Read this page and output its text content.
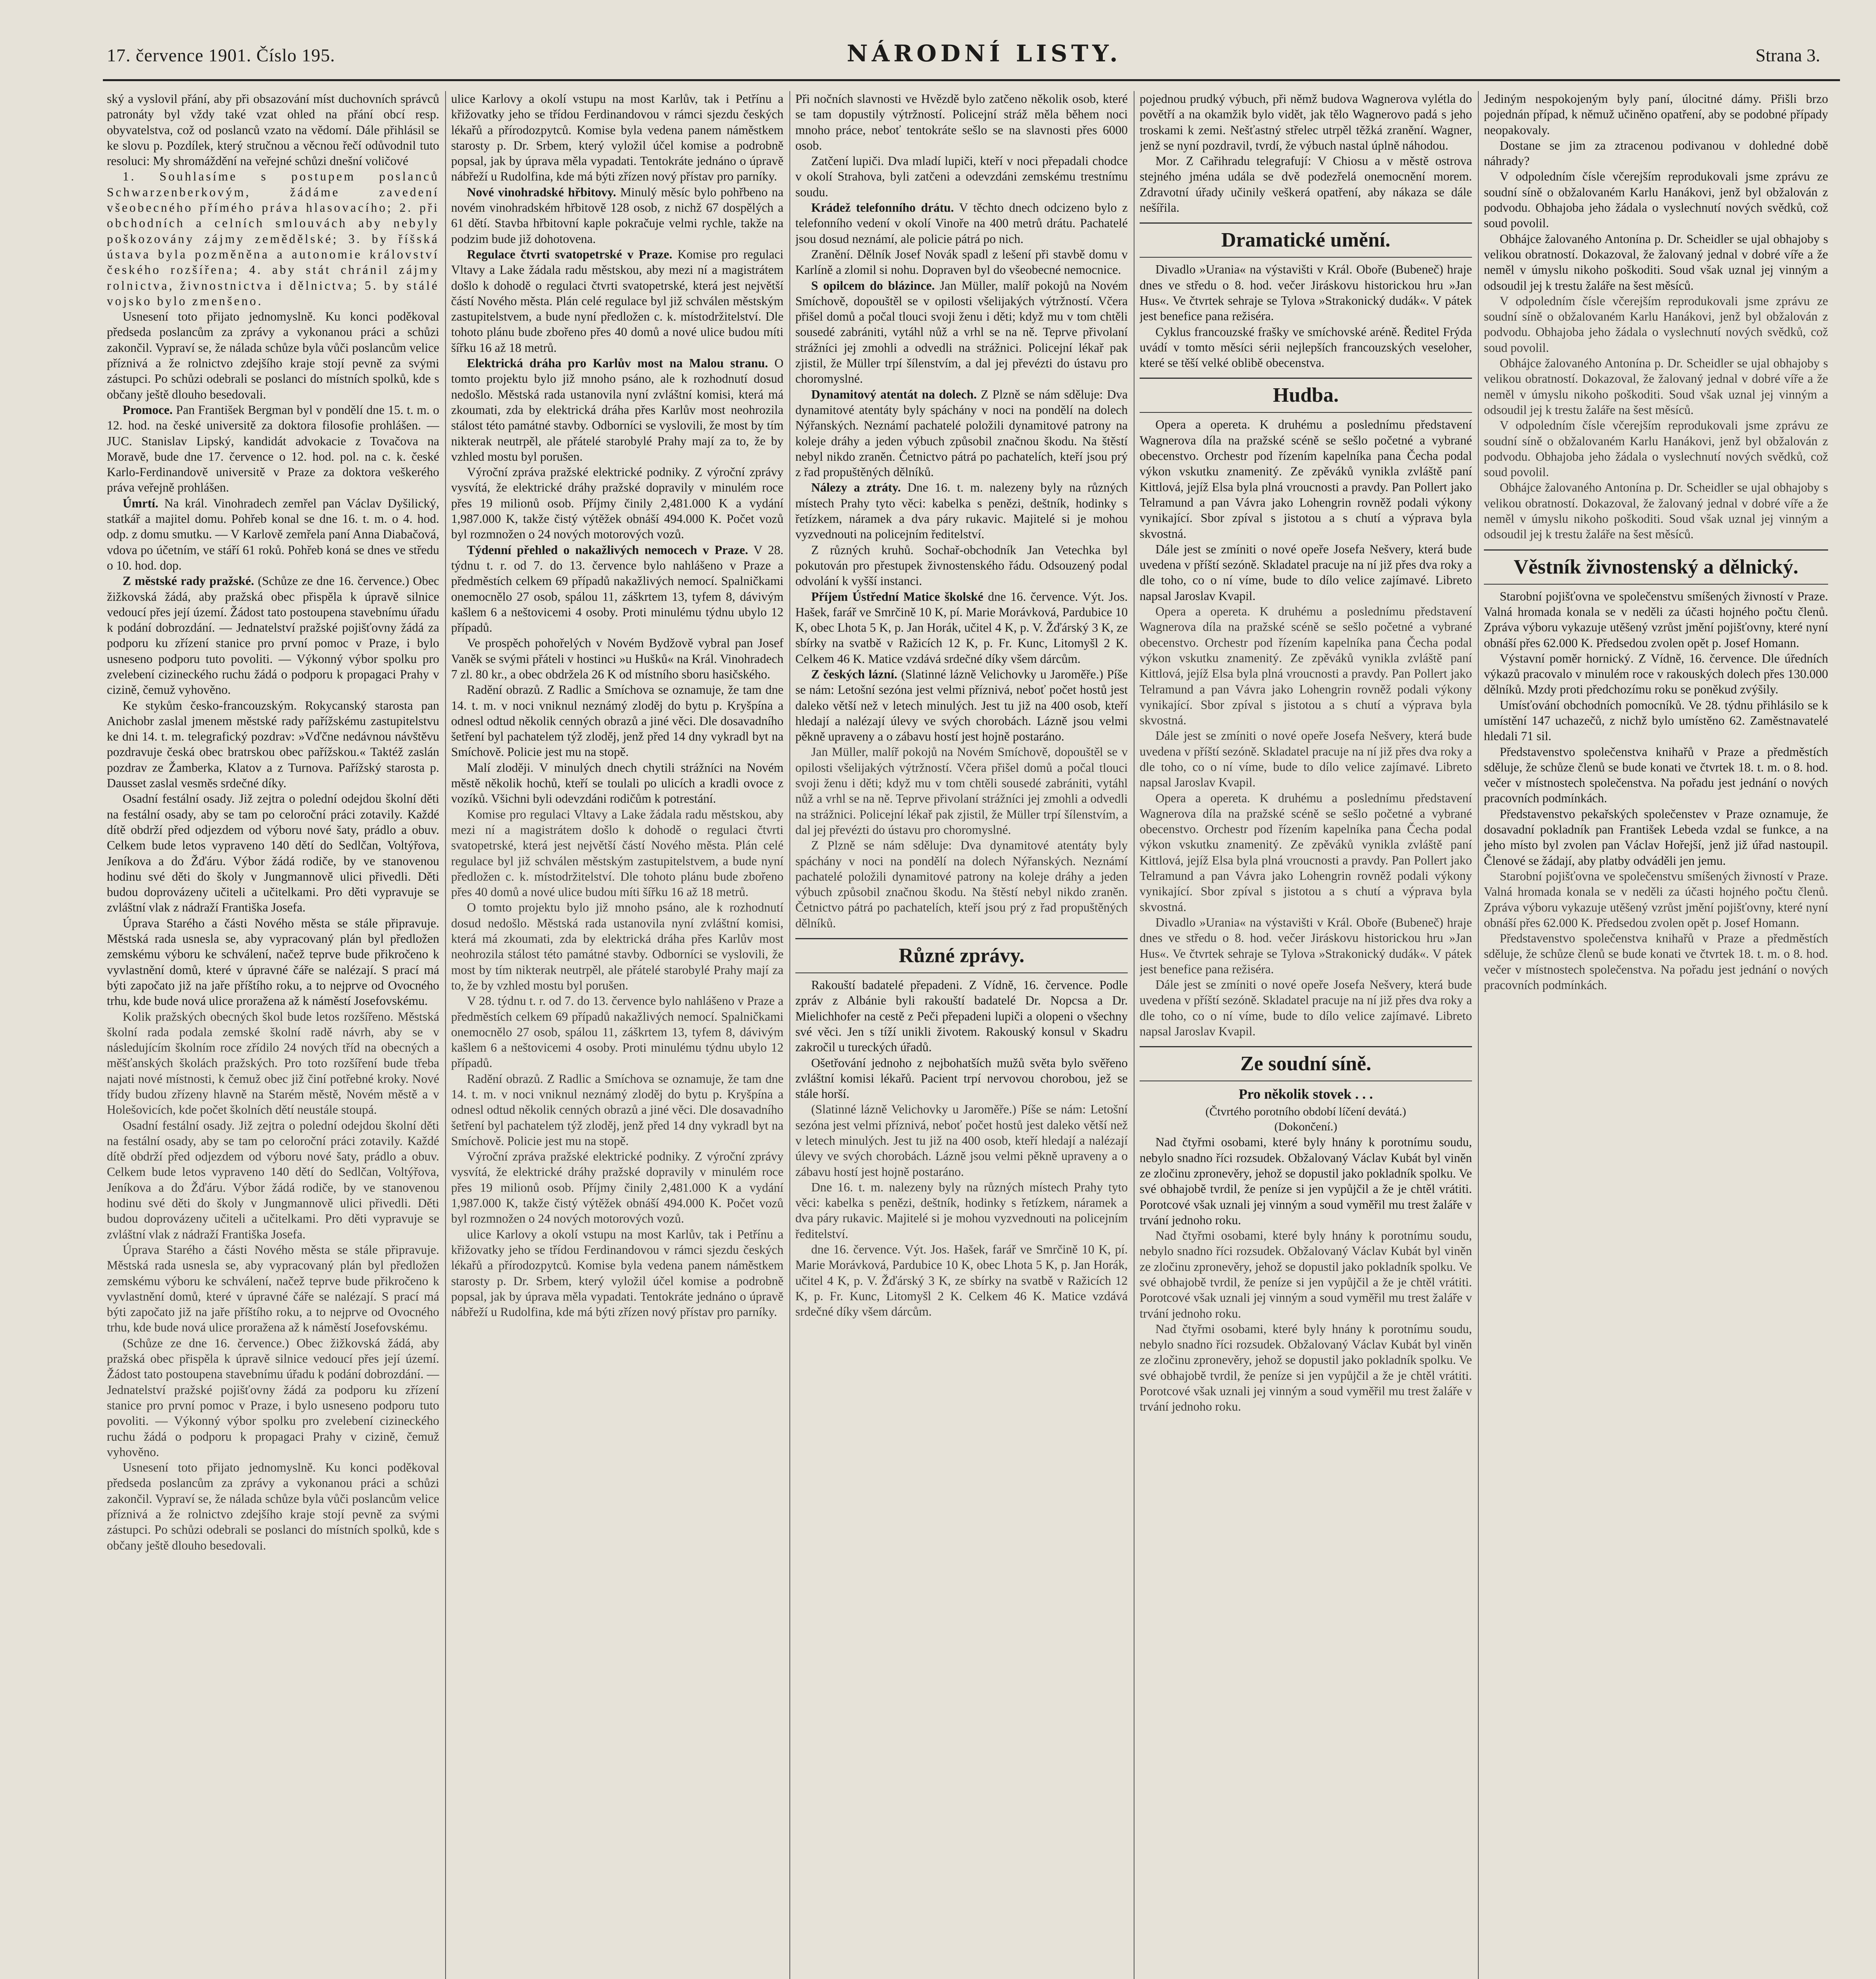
17. července 1901. Číslo 195.	NÁRODNÍ LISTY.	Strana 3.

ský a vyslovil přání, aby při obsazování míst duchovních správců patronáty byl vždy také vzat ohled na přání obcí resp. obyvatelstva, což od poslanců vzato na vědomí. Dále přihlásil se ke slovu p. Pozdílek, který stručnou a věcnou řečí odůvodnil tuto resoluci: My shromáždění na veřejné schůzi dnešní voličové

1. Souhlasíme s postupem poslanců Schwarzenberkovým, žádáme zavedení všeobecného přímého práva hlasovacího; 2. při obchodních a celních smlouvách aby nebyly poškozovány zájmy zemědělské; 3. by říšská ústava byla pozměněna a autonomie království českého rozšířena; 4. aby stát chránil zájmy rolnictva, živnostnictva i dělnictva; 5. by stálé vojsko bylo zmenšeno.

Usnesení toto přijato jednomyslně. Ku konci poděkoval předseda poslancům za zprávy a vykonanou práci a schůzi zakončil. Vypraví se, že nálada schůze byla vůči poslancům velice příznivá a že rolnictvo zdejšího kraje stojí pevně za svými zástupci. Po schůzi odebrali se poslanci do místních spolků, kde s občany ještě dlouho besedovali.

Promoce. Pan František Bergman byl v pondělí dne 15. t. m. o 12. hod. na české universitě za doktora filosofie prohlášen. — JUC. Stanislav Lipský, kandidát advokacie z Tovačova na Moravě, bude dne 17. července o 12. hod. pol. na c. k. české Karlo-Ferdinandově universitě v Praze za doktora veškerého práva veřejně prohlášen.

Úmrtí. Na král. Vinohradech zemřel pan Václav Dyšilický, statkář a majitel domu. Pohřeb konal se dne 16. t. m. o 4. hod. odp. z domu smutku. — V Karlově zemřela paní Anna Diabačová, vdova po účetním, ve stáří 61 roků. Pohřeb koná se dnes ve středu o 10. hod. dop.

Z městské rady pražské. (Schůze ze dne 16. července.) Obec žižkovská žádá, aby pražská obec přispěla k úpravě silnice vedoucí přes její území. Žádost tato postoupena stavebnímu úřadu k podání dobrozdání. — Jednatelství pražské pojišťovny žádá za podporu ku zřízení stanice pro první pomoc v Praze, i bylo usneseno podporu tuto povoliti. — Výkonný výbor spolku pro zvelebení cizineckého ruchu žádá o podporu k propagaci Prahy v cizině, čemuž vyhověno.

Ke stykům česko-francouzským. Rokycanský starosta pan Anichobr zaslal jmenem městské rady pařížskému zastupitelstvu ke dni 14. t. m. telegrafický pozdrav: »Vďčne nedávnou návštěvu pozdravuje česká obec bratrskou obec pařížskou.« Taktéž zaslán pozdrav ze Žamberka, Klatov a z Turnova. Pařížský starosta p. Dausset zaslal vesměs srdečné díky.

Osadní festální osady. Již zejtra o polední odejdou školní děti na festální osady, aby se tam po celoroční práci zotavily. Každé dítě obdrží před odjezdem od výboru nové šaty, prádlo a obuv. Celkem bude letos vypraveno 140 dětí do Sedlčan, Voltýřova, Jeníkova a do Žďáru. Výbor žádá rodiče, by ve stanovenou hodinu své děti do školy v Jungmannově ulici přivedli. Děti budou doprovázeny učiteli a učitelkami. Pro děti vypravuje se zvláštní vlak z nádraží Františka Josefa.

Úprava Starého a části Nového města se stále připravuje. Městská rada usnesla se, aby vypracovaný plán byl předložen zemskému výboru ke schválení, načež teprve bude přikročeno k vyvlastnění domů, které v úpravné čáře se nalézají. S prací má býti započato již na jaře příštího roku, a to nejprve od Ovocného trhu, kde bude nová ulice proražena až k náměstí Josefovskému.

Kolik pražských obecných škol bude letos rozšířeno. Městská školní rada podala zemské školní radě návrh, aby se v následujícím školním roce zřídilo 24 nových tříd na obecných a měšťanských školách pražských. Pro toto rozšíření bude třeba najati nové místnosti, k čemuž obec již činí potřebné kroky. Nové třídy budou zřízeny hlavně na Starém městě, Novém městě a v Holešovicích, kde počet školních dětí neustále stoupá.

Osadní festální osady. Již zejtra o polední odejdou školní děti na festální osady, aby se tam po celoroční práci zotavily. Každé dítě obdrží před odjezdem od výboru nové šaty, prádlo a obuv. Celkem bude letos vypraveno 140 dětí do Sedlčan, Voltýřova, Jeníkova a do Žďáru. Výbor žádá rodiče, by ve stanovenou hodinu své děti do školy v Jungmannově ulici přivedli. Děti budou doprovázeny učiteli a učitelkami. Pro děti vypravuje se zvláštní vlak z nádraží Františka Josefa.

Úprava Starého a části Nového města se stále připravuje. Městská rada usnesla se, aby vypracovaný plán byl předložen zemskému výboru ke schválení, načež teprve bude přikročeno k vyvlastnění domů, které v úpravné čáře se nalézají. S prací má býti započato již na jaře příštího roku, a to nejprve od Ovocného trhu, kde bude nová ulice proražena až k náměstí Josefovskému.

(Schůze ze dne 16. července.) Obec žižkovská žádá, aby pražská obec přispěla k úpravě silnice vedoucí přes její území. Žádost tato postoupena stavebnímu úřadu k podání dobrozdání. — Jednatelství pražské pojišťovny žádá za podporu ku zřízení stanice pro první pomoc v Praze, i bylo usneseno podporu tuto povoliti. — Výkonný výbor spolku pro zvelebení cizineckého ruchu žádá o podporu k propagaci Prahy v cizině, čemuž vyhověno.

Usnesení toto přijato jednomyslně. Ku konci poděkoval předseda poslancům za zprávy a vykonanou práci a schůzi zakončil. Vypraví se, že nálada schůze byla vůči poslancům velice příznivá a že rolnictvo zdejšího kraje stojí pevně za svými zástupci. Po schůzi odebrali se poslanci do místních spolků, kde s občany ještě dlouho besedovali.

ulice Karlovy a okolí vstupu na most Karlův, tak i Petřínu a křižovatky jeho se třídou Ferdinandovou v rámci sjezdu českých lékařů a přírodozpytců. Komise byla vedena panem náměstkem starosty p. Dr. Srbem, který vyložil účel komise a podrobně popsal, jak by úprava měla vypadati. Tentokráte jednáno o úpravě nábřeží u Rudolfina, kde má býti zřízen nový přístav pro parníky.

Nové vinohradské hřbitovy. Minulý měsíc bylo pohřbeno na novém vinohradském hřbitově 128 osob, z nichž 67 dospělých a 61 dětí. Stavba hřbitovní kaple pokračuje velmi rychle, takže na podzim bude již dohotovena.

Regulace čtvrti svatopetrské v Praze. Komise pro regulaci Vltavy a Lake žádala radu městskou, aby mezi ní a magistrátem došlo k dohodě o regulaci čtvrti svatopetrské, která jest největší částí Nového města. Plán celé regulace byl již schválen městským zastupitelstvem, a bude nyní předložen c. k. místodržitelství. Dle tohoto plánu bude zbořeno přes 40 domů a nové ulice budou míti šířku 16 až 18 metrů.

Elektrická dráha pro Karlův most na Malou stranu. O tomto projektu bylo již mnoho psáno, ale k rozhodnutí dosud nedošlo. Městská rada ustanovila nyní zvláštní komisi, která má zkoumati, zda by elektrická dráha přes Karlův most neohrozila stálost této památné stavby. Odborníci se vyslovili, že most by tím nikterak neutrpěl, ale přátelé starobylé Prahy mají za to, že by vzhled mostu byl porušen.

Výroční zpráva pražské elektrické podniky. Z výroční zprávy vysvítá, že elektrické dráhy pražské dopravily v minulém roce přes 19 milionů osob. Příjmy činily 2,481.000 K a vydání 1,987.000 K, takže čistý výtěžek obnáší 494.000 K. Počet vozů byl rozmnožen o 24 nových motorových vozů.

Týdenní přehled o nakažlivých nemocech v Praze. V 28. týdnu t. r. od 7. do 13. července bylo nahlášeno v Praze a předměstích celkem 69 případů nakažlivých nemocí. Spalničkami onemocnělo 27 osob, spálou 11, záškrtem 13, tyfem 8, dávivým kašlem 6 a neštovicemi 4 osoby. Proti minulému týdnu ubylo 12 případů.

Ve prospěch pohořelých v Novém Bydžově vybral pan Josef Vaněk se svými přáteli v hostinci »u Hušků« na Král. Vinohradech 7 zl. 80 kr., a obec obdržela 26 K od místního sboru hasičského.

Radění obrazů. Z Radlic a Smíchova se oznamuje, že tam dne 14. t. m. v noci vniknul neznámý zloděj do bytu p. Kryšpína a odnesl odtud několik cenných obrazů a jiné věci. Dle dosavadního šetření byl pachatelem týž zloděj, jenž před 14 dny vykradl byt na Smíchově. Policie jest mu na stopě.

Malí zloději. V minulých dnech chytili strážníci na Novém městě několik hochů, kteří se toulali po ulicích a kradli ovoce z vozíků. Všichni byli odevzdáni rodičům k potrestání.

Komise pro regulaci Vltavy a Lake žádala radu městskou, aby mezi ní a magistrátem došlo k dohodě o regulaci čtvrti svatopetrské, která jest největší částí Nového města. Plán celé regulace byl již schválen městským zastupitelstvem, a bude nyní předložen c. k. místodržitelství. Dle tohoto plánu bude zbořeno přes 40 domů a nové ulice budou míti šířku 16 až 18 metrů.

O tomto projektu bylo již mnoho psáno, ale k rozhodnutí dosud nedošlo. Městská rada ustanovila nyní zvláštní komisi, která má zkoumati, zda by elektrická dráha přes Karlův most neohrozila stálost této památné stavby. Odborníci se vyslovili, že most by tím nikterak neutrpěl, ale přátelé starobylé Prahy mají za to, že by vzhled mostu byl porušen.

V 28. týdnu t. r. od 7. do 13. července bylo nahlášeno v Praze a předměstích celkem 69 případů nakažlivých nemocí. Spalničkami onemocnělo 27 osob, spálou 11, záškrtem 13, tyfem 8, dávivým kašlem 6 a neštovicemi 4 osoby. Proti minulému týdnu ubylo 12 případů.

Radění obrazů. Z Radlic a Smíchova se oznamuje, že tam dne 14. t. m. v noci vniknul neznámý zloděj do bytu p. Kryšpína a odnesl odtud několik cenných obrazů a jiné věci. Dle dosavadního šetření byl pachatelem týž zloděj, jenž před 14 dny vykradl byt na Smíchově. Policie jest mu na stopě.

Výroční zpráva pražské elektrické podniky. Z výroční zprávy vysvítá, že elektrické dráhy pražské dopravily v minulém roce přes 19 milionů osob. Příjmy činily 2,481.000 K a vydání 1,987.000 K, takže čistý výtěžek obnáší 494.000 K. Počet vozů byl rozmnožen o 24 nových motorových vozů.

ulice Karlovy a okolí vstupu na most Karlův, tak i Petřínu a křižovatky jeho se třídou Ferdinandovou v rámci sjezdu českých lékařů a přírodozpytců. Komise byla vedena panem náměstkem starosty p. Dr. Srbem, který vyložil účel komise a podrobně popsal, jak by úprava měla vypadati. Tentokráte jednáno o úpravě nábřeží u Rudolfina, kde má býti zřízen nový přístav pro parníky.

Při nočních slavnosti ve Hvězdě bylo zatčeno několik osob, které se tam dopustily výtržností. Policejní stráž měla během noci mnoho práce, neboť tentokráte sešlo se na slavnosti přes 6000 osob.

Zatčení lupiči. Dva mladí lupiči, kteří v noci přepadali chodce v okolí Strahova, byli zatčeni a odevzdáni zemskému trestnímu soudu.

Krádež telefonního drátu. V těchto dnech odcizeno bylo z telefonního vedení v okolí Vinoře na 400 metrů drátu. Pachatelé jsou dosud neznámí, ale policie pátrá po nich.

Zranění. Dělník Josef Novák spadl z lešení při stavbě domu v Karlíně a zlomil si nohu. Dopraven byl do všeobecné nemocnice.

S opilcem do blázince. Jan Müller, malíř pokojů na Novém Smíchově, dopouštěl se v opilosti všelijakých výtržností. Včera přišel domů a počal tlouci svoji ženu i děti; když mu v tom chtěli sousedé zabrániti, vytáhl nůž a vrhl se na ně. Teprve přivolaní strážníci jej zmohli a odvedli na strážnici. Policejní lékař pak zjistil, že Müller trpí šílenstvím, a dal jej převézti do ústavu pro choromyslné.

Dynamitový atentát na dolech. Z Plzně se nám sděluje: Dva dynamitové atentáty byly spáchány v noci na pondělí na dolech Nýřanských. Neznámí pachatelé položili dynamitové patrony na koleje dráhy a jeden výbuch způsobil značnou škodu. Na štěstí nebyl nikdo zraněn. Četnictvo pátrá po pachatelích, kteří jsou prý z řad propuštěných dělníků.

Nálezy a ztráty. Dne 16. t. m. nalezeny byly na různých místech Prahy tyto věci: kabelka s penězi, deštník, hodinky s řetízkem, náramek a dva páry rukavic. Majitelé si je mohou vyzvednouti na policejním ředitelství.

Z různých kruhů. Sochař-obchodník Jan Vetechka byl pokutován pro přestupek živnostenského řádu. Odsouzený podal odvolání k vyšší instanci.

Příjem Ústřední Matice školské dne 16. července. Výt. Jos. Hašek, farář ve Smrčině 10 K, pí. Marie Morávková, Pardubice 10 K, obec Lhota 5 K, p. Jan Horák, učitel 4 K, p. V. Žďárský 3 K, ze sbírky na svatbě v Ražicích 12 K, p. Fr. Kunc, Litomyšl 2 K. Celkem 46 K. Matice vzdává srdečné díky všem dárcům.

Z českých lázní. (Slatinné lázně Velichovky u Jaroměře.) Píše se nám: Letošní sezóna jest velmi příznivá, neboť počet hostů jest daleko větší než v letech minulých. Jest tu již na 400 osob, kteří hledají a nalézají úlevy ve svých chorobách. Lázně jsou velmi pěkně upraveny a o zábavu hostí jest hojně postaráno.

Jan Müller, malíř pokojů na Novém Smíchově, dopouštěl se v opilosti všelijakých výtržností. Včera přišel domů a počal tlouci svoji ženu i děti; když mu v tom chtěli sousedé zabrániti, vytáhl nůž a vrhl se na ně. Teprve přivolaní strážníci jej zmohli a odvedli na strážnici. Policejní lékař pak zjistil, že Müller trpí šílenstvím, a dal jej převézti do ústavu pro choromyslné.

Z Plzně se nám sděluje: Dva dynamitové atentáty byly spáchány v noci na pondělí na dolech Nýřanských. Neznámí pachatelé položili dynamitové patrony na koleje dráhy a jeden výbuch způsobil značnou škodu. Na štěstí nebyl nikdo zraněn. Četnictvo pátrá po pachatelích, kteří jsou prý z řad propuštěných dělníků.

Různé zprávy.

Rakouští badatelé přepadeni. Z Vídně, 16. července. Podle zpráv z Albánie byli rakouští badatelé Dr. Nopcsa a Dr. Mielichhofer na cestě z Peči přepadeni lupiči a olopeni o všechny své věci. Jen s tíží unikli životem. Rakouský konsul v Skadru zakročil u tureckých úřadů.

Ošetřování jednoho z nejbohatších mužů světa bylo svěřeno zvláštní komisi lékařů. Pacient trpí nervovou chorobou, jež se stále horší.

(Slatinné lázně Velichovky u Jaroměře.) Píše se nám: Letošní sezóna jest velmi příznivá, neboť počet hostů jest daleko větší než v letech minulých. Jest tu již na 400 osob, kteří hledají a nalézají úlevy ve svých chorobách. Lázně jsou velmi pěkně upraveny a o zábavu hostí jest hojně postaráno.

Dne 16. t. m. nalezeny byly na různých místech Prahy tyto věci: kabelka s penězi, deštník, hodinky s řetízkem, náramek a dva páry rukavic. Majitelé si je mohou vyzvednouti na policejním ředitelství.

dne 16. července. Výt. Jos. Hašek, farář ve Smrčině 10 K, pí. Marie Morávková, Pardubice 10 K, obec Lhota 5 K, p. Jan Horák, učitel 4 K, p. V. Žďárský 3 K, ze sbírky na svatbě v Ražicích 12 K, p. Fr. Kunc, Litomyšl 2 K. Celkem 46 K. Matice vzdává srdečné díky všem dárcům.

pojednou prudký výbuch, při němž budova Wagnerova vylétla do povětří a na okamžik bylo vidět, jak tělo Wagnerovo padá s jeho troskami k zemi. Nešťastný střelec utrpěl těžká zranění. Wagner, jenž se nyní pozdravil, tvrdí, že výbuch nastal úplně náhodou.

Mor. Z Cařihradu telegrafují: V Chiosu a v městě ostrova stejného jména udála se dvě podezřelá onemocnění morem. Zdravotní úřady učinily veškerá opatření, aby nákaza se dále nešířila.

Dramatické umění.

Divadlo »Urania« na výstavišti v Král. Oboře (Bubeneč) hraje dnes ve středu o 8. hod. večer Jiráskovu historickou hru »Jan Hus«. Ve čtvrtek sehraje se Tylova »Strakonický dudák«. V pátek jest benefice pana režiséra.

Cyklus francouzské frašky ve smíchovské aréně. Ředitel Frýda uvádí v tomto měsíci sérii nejlepších francouzských veseloher, které se těší velké oblibě obecenstva.

Hudba.

Opera a opereta. K druhému a poslednímu představení Wagnerova díla na pražské scéně se sešlo početné a vybrané obecenstvo. Orchestr pod řízením kapelníka pana Čecha podal výkon vskutku znamenitý. Ze zpěváků vynikla zvláště paní Kittlová, jejíž Elsa byla plná vroucnosti a pravdy. Pan Pollert jako Telramund a pan Vávra jako Lohengrin rovněž podali výkony vynikající. Sbor zpíval s jistotou a s chutí a výprava byla skvostná.

Dále jest se zmíniti o nové opeře Josefa Nešvery, která bude uvedena v příští sezóně. Skladatel pracuje na ní již přes dva roky a dle toho, co o ní víme, bude to dílo velice zajímavé. Libreto napsal Jaroslav Kvapil.

Opera a opereta. K druhému a poslednímu představení Wagnerova díla na pražské scéně se sešlo početné a vybrané obecenstvo. Orchestr pod řízením kapelníka pana Čecha podal výkon vskutku znamenitý. Ze zpěváků vynikla zvláště paní Kittlová, jejíž Elsa byla plná vroucnosti a pravdy. Pan Pollert jako Telramund a pan Vávra jako Lohengrin rovněž podali výkony vynikající. Sbor zpíval s jistotou a s chutí a výprava byla skvostná.

Dále jest se zmíniti o nové opeře Josefa Nešvery, která bude uvedena v příští sezóně. Skladatel pracuje na ní již přes dva roky a dle toho, co o ní víme, bude to dílo velice zajímavé. Libreto napsal Jaroslav Kvapil.

Opera a opereta. K druhému a poslednímu představení Wagnerova díla na pražské scéně se sešlo početné a vybrané obecenstvo. Orchestr pod řízením kapelníka pana Čecha podal výkon vskutku znamenitý. Ze zpěváků vynikla zvláště paní Kittlová, jejíž Elsa byla plná vroucnosti a pravdy. Pan Pollert jako Telramund a pan Vávra jako Lohengrin rovněž podali výkony vynikající. Sbor zpíval s jistotou a s chutí a výprava byla skvostná.

Divadlo »Urania« na výstavišti v Král. Oboře (Bubeneč) hraje dnes ve středu o 8. hod. večer Jiráskovu historickou hru »Jan Hus«. Ve čtvrtek sehraje se Tylova »Strakonický dudák«. V pátek jest benefice pana režiséra.

Dále jest se zmíniti o nové opeře Josefa Nešvery, která bude uvedena v příští sezóně. Skladatel pracuje na ní již přes dva roky a dle toho, co o ní víme, bude to dílo velice zajímavé. Libreto napsal Jaroslav Kvapil.

Ze soudní síně.
Pro několik stovek . . .
(Čtvrtého porotního období líčení devátá.)
(Dokončení.)

Nad čtyřmi osobami, které byly hnány k porotnímu soudu, nebylo snadno říci rozsudek. Obžalovaný Václav Kubát byl viněn ze zločinu zpronevěry, jehož se dopustil jako pokladník spolku. Ve své obhajobě tvrdil, že peníze si jen vypůjčil a že je chtěl vrátiti. Porotcové však uznali jej vinným a soud vyměřil mu trest žaláře v trvání jednoho roku.

Nad čtyřmi osobami, které byly hnány k porotnímu soudu, nebylo snadno říci rozsudek. Obžalovaný Václav Kubát byl viněn ze zločinu zpronevěry, jehož se dopustil jako pokladník spolku. Ve své obhajobě tvrdil, že peníze si jen vypůjčil a že je chtěl vrátiti. Porotcové však uznali jej vinným a soud vyměřil mu trest žaláře v trvání jednoho roku.

Nad čtyřmi osobami, které byly hnány k porotnímu soudu, nebylo snadno říci rozsudek. Obžalovaný Václav Kubát byl viněn ze zločinu zpronevěry, jehož se dopustil jako pokladník spolku. Ve své obhajobě tvrdil, že peníze si jen vypůjčil a že je chtěl vrátiti. Porotcové však uznali jej vinným a soud vyměřil mu trest žaláře v trvání jednoho roku.

Jediným nespokojeným byly paní, úlocitné dámy. Přišli brzo pojednán případ, k němuž učiněno opatření, aby se podobné případy neopakovaly.

Dostane se jim za ztracenou podivanou v dohledné době náhrady?

V odpoledním čísle včerejším reprodukovali jsme zprávu ze soudní síně o obžalovaném Karlu Hanákovi, jenž byl obžalován z podvodu. Obhajoba jeho žádala o vyslechnutí nových svědků, což soud povolil.

Obhájce žalovaného Antonína p. Dr. Scheidler se ujal obhajoby s velikou obratností. Dokazoval, že žalovaný jednal v dobré víře a že neměl v úmyslu nikoho poškoditi. Soud však uznal jej vinným a odsoudil jej k trestu žaláře na šest měsíců.

V odpoledním čísle včerejším reprodukovali jsme zprávu ze soudní síně o obžalovaném Karlu Hanákovi, jenž byl obžalován z podvodu. Obhajoba jeho žádala o vyslechnutí nových svědků, což soud povolil.

Obhájce žalovaného Antonína p. Dr. Scheidler se ujal obhajoby s velikou obratností. Dokazoval, že žalovaný jednal v dobré víře a že neměl v úmyslu nikoho poškoditi. Soud však uznal jej vinným a odsoudil jej k trestu žaláře na šest měsíců.

V odpoledním čísle včerejším reprodukovali jsme zprávu ze soudní síně o obžalovaném Karlu Hanákovi, jenž byl obžalován z podvodu. Obhajoba jeho žádala o vyslechnutí nových svědků, což soud povolil.

Obhájce žalovaného Antonína p. Dr. Scheidler se ujal obhajoby s velikou obratností. Dokazoval, že žalovaný jednal v dobré víře a že neměl v úmyslu nikoho poškoditi. Soud však uznal jej vinným a odsoudil jej k trestu žaláře na šest měsíců.

Věstník živnostenský a dělnický.

Starobní pojišťovna ve společenstvu smíšených živností v Praze. Valná hromada konala se v neděli za účasti hojného počtu členů. Zpráva výboru vykazuje utěšený vzrůst jmění pojišťovny, které nyní obnáší přes 62.000 K. Předsedou zvolen opět p. Josef Homann.

Výstavní poměr hornický. Z Vídně, 16. července. Dle úředních výkazů pracovalo v minulém roce v rakouských dolech přes 130.000 dělníků. Mzdy proti předchozímu roku se poněkud zvýšily.

Umísťování obchodních pomocníků. Ve 28. týdnu přihlásilo se k umístění 147 uchazečů, z nichž bylo umístěno 62. Zaměstnavatelé hledali 71 sil.

Představenstvo společenstva knihařů v Praze a předměstích sděluje, že schůze členů se bude konati ve čtvrtek 18. t. m. o 8. hod. večer v místnostech společenstva. Na pořadu jest jednání o nových pracovních podmínkách.

Představenstvo pekařských společenstev v Praze oznamuje, že dosavadní pokladník pan František Lebeda vzdal se funkce, a na jeho místo byl zvolen pan Václav Hořejší, jenž již úřad nastoupil. Členové se žádají, aby platby odváděli jen jemu.

Starobní pojišťovna ve společenstvu smíšených živností v Praze. Valná hromada konala se v neděli za účasti hojného počtu členů. Zpráva výboru vykazuje utěšený vzrůst jmění pojišťovny, které nyní obnáší přes 62.000 K. Předsedou zvolen opět p. Josef Homann.

Představenstvo společenstva knihařů v Praze a předměstích sděluje, že schůze členů se bude konati ve čtvrtek 18. t. m. o 8. hod. večer v místnostech společenstva. Na pořadu jest jednání o nových pracovních podmínkách.
